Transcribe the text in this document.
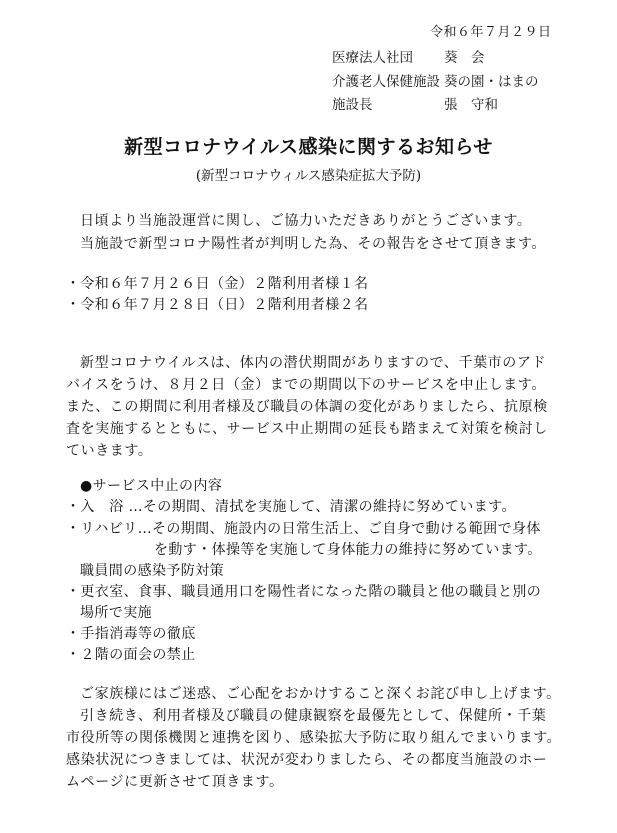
令和６年７月２９日
医療法人社団 葵　会
介護老人保健施設 葵の園・はまの
施設長	張　守和
新型コロナウイルス感染に関するお知らせ
(新型コロナウィルス感染症拡大予防)
日頃より当施設運営に関し、ご協力いただきありがとうございます。
当施設で新型コロナ陽性者が判明した為、その報告をさせて頂きます。
・令和６年７月２６日（金）２階利用者様１名
・令和６年７月２８日（日）２階利用者様２名
新型コロナウイルスは、体内の潜伏期間がありますので、千葉市のアド
バイスをうけ、８月２日（金）までの期間以下のサービスを中止します。
また、この期間に利用者様及び職員の体調の変化がありましたら、抗原検
査を実施するとともに、サービス中止期間の延長も踏まえて対策を検討し
ていきます。
●サービス中止の内容
・入　浴 …その期間、清拭を実施して、清潔の維持に努めています。
・リハビリ…その期間、施設内の日常生活上、ご自身で動ける範囲で身体
を動す・体操等を実施して身体能力の維持に努めています。
職員間の感染予防対策
・更衣室、食事、職員通用口を陽性者になった階の職員と他の職員と別の
場所で実施
・手指消毒等の徹底
・２階の面会の禁止
ご家族様にはご迷惑、ご心配をおかけすること深くお詫び申し上げます。
引き続き、利用者様及び職員の健康観察を最優先として、保健所・千葉
市役所等の関係機関と連携を図り、感染拡大予防に取り組んでまいります。
感染状況につきましては、状況が変わりましたら、その都度当施設のホー
ムページに更新させて頂きます。
